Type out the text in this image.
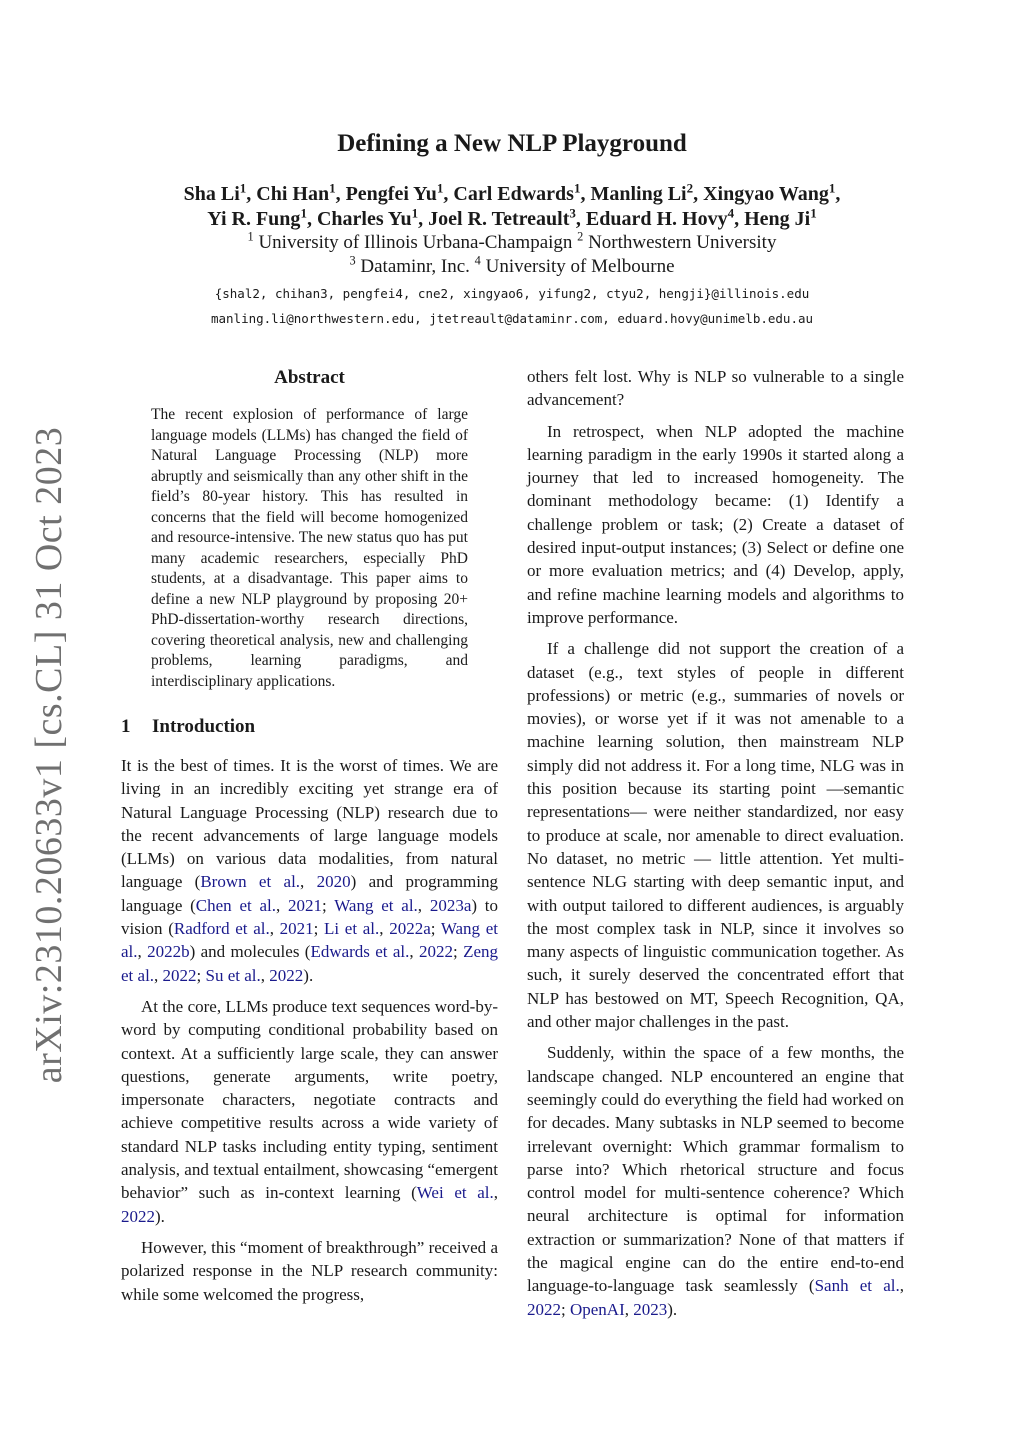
arXiv:2310.20633v1 [cs.CL] 31 Oct 2023
Defining a New NLP Playground
Sha Li$^1$, Chi Han$^1$, Pengfei Yu$^1$, Carl Edwards$^1$, Manling Li$^2$, Xingyao Wang$^1$,
Yi R. Fung$^1$, Charles Yu$^1$, Joel R. Tetreault$^3$, Eduard H. Hovy$^4$, Heng Ji$^1$
$^1$ University of Illinois Urbana-Champaign $^2$ Northwestern University
$^3$ Dataminr, Inc. $^4$ University of Melbourne
{shal2, chihan3, pengfei4, cne2, xingyao6, yifung2, ctyu2, hengji}@illinois.edu
manling.li@northwestern.edu, jtetreault@dataminr.com, eduard.hovy@unimelb.edu.au
Abstract
The recent explosion of performance of large language models (LLMs) has changed the field of Natural Language Processing (NLP) more abruptly and seismically than any other shift in the field’s 80-year history. This has resulted in concerns that the field will become homogenized and resource-intensive. The new status quo has put many academic researchers, especially PhD students, at a disadvantage. This paper aims to define a new NLP playground by proposing 20+ PhD-dissertation-worthy research directions, covering theoretical analysis, new and challenging problems, learning paradigms, and interdisciplinary applications.
1 Introduction

It is the best of times. It is the worst of times. We are living in an incredibly exciting yet strange era of Natural Language Processing (NLP) research due to the recent advancements of large language models (LLMs) on various data modalities, from natural language (Brown et al., 2020) and programming language (Chen et al., 2021; Wang et al., 2023a) to vision (Radford et al., 2021; Li et al., 2022a; Wang et al., 2022b) and molecules (Edwards et al., 2022; Zeng et al., 2022; Su et al., 2022).

At the core, LLMs produce text sequences word-by-word by computing conditional probability based on context. At a sufficiently large scale, they can answer questions, generate arguments, write poetry, impersonate characters, negotiate contracts and achieve competitive results across a wide variety of standard NLP tasks including entity typing, sentiment analysis, and textual entailment, showcasing “emergent behavior” such as in-context learning (Wei et al., 2022).

However, this “moment of breakthrough” received a polarized response in the NLP research community: while some welcomed the progress,

others felt lost. Why is NLP so vulnerable to a single advancement?

In retrospect, when NLP adopted the machine learning paradigm in the early 1990s it started along a journey that led to increased homogeneity. The dominant methodology became: (1) Identify a challenge problem or task; (2) Create a dataset of desired input-output instances; (3) Select or define one or more evaluation metrics; and (4) Develop, apply, and refine machine learning models and algorithms to improve performance.

If a challenge did not support the creation of a dataset (e.g., text styles of people in different professions) or metric (e.g., summaries of novels or movies), or worse yet if it was not amenable to a machine learning solution, then mainstream NLP simply did not address it. For a long time, NLG was in this position because its starting point —semantic representations— were neither standardized, nor easy to produce at scale, nor amenable to direct evaluation. No dataset, no metric — little attention. Yet multi-sentence NLG starting with deep semantic input, and with output tailored to different audiences, is arguably the most complex task in NLP, since it involves so many aspects of linguistic communication together. As such, it surely deserved the concentrated effort that NLP has bestowed on MT, Speech Recognition, QA, and other major challenges in the past.

Suddenly, within the space of a few months, the landscape changed. NLP encountered an engine that seemingly could do everything the field had worked on for decades. Many subtasks in NLP seemed to become irrelevant overnight: Which grammar formalism to parse into? Which rhetorical structure and focus control model for multi-sentence coherence? Which neural architecture is optimal for information extraction or summarization? None of that matters if the magical engine can do the entire end-to-end language-to-language task seamlessly (Sanh et al., 2022; OpenAI, 2023).
